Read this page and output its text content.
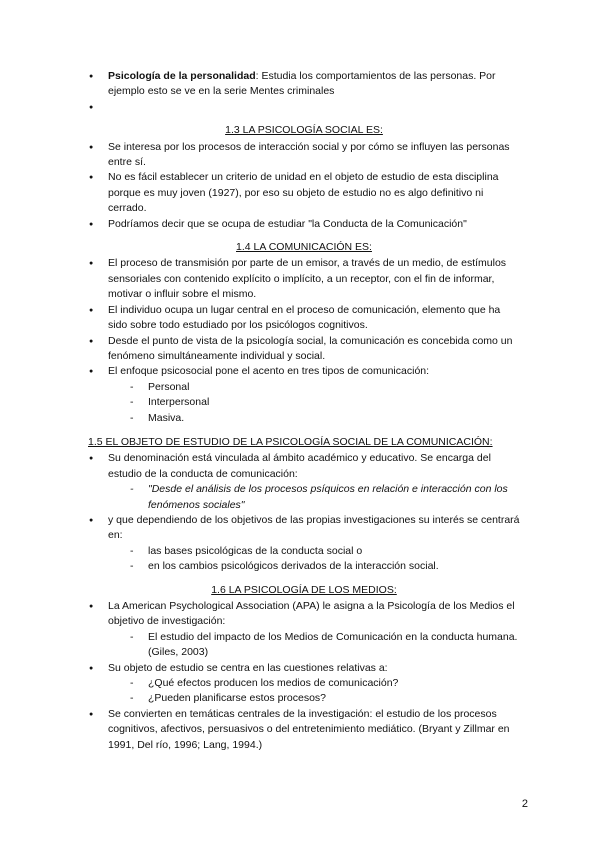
● Psicología de la personalidad: Estudia los comportamientos de las personas. Por ejemplo esto se ve en la serie Mentes criminales
●
1.3 LA PSICOLOGÍA SOCIAL ES:
● Se interesa por los procesos de interacción social y por cómo se influyen las personas entre sí.
● No es fácil establecer un criterio de unidad en el objeto de estudio de esta disciplina porque es muy joven (1927), por eso su objeto de estudio no es algo definitivo ni cerrado.
● Podríamos decir que se ocupa de estudiar "la Conducta de la Comunicación"
1.4 LA COMUNICACIÓN ES:
● El proceso de transmisión por parte de un emisor, a través de un medio, de estímulos sensoriales con contenido explícito o implícito, a un receptor, con el fin de informar, motivar o influir sobre el mismo.
● El individuo ocupa un lugar central en el proceso de comunicación, elemento que ha sido sobre todo estudiado por los psicólogos cognitivos.
● Desde el punto de vista de la psicología social, la comunicación es concebida como un fenómeno simultáneamente individual y social.
● El enfoque psicosocial pone el acento en tres tipos de comunicación:
- Personal
- Interpersonal
- Masiva.
1.5 EL OBJETO DE ESTUDIO DE LA PSICOLOGÍA SOCIAL DE LA COMUNICACIÓN:
● Su denominación está vinculada al ámbito académico y educativo. Se encarga del estudio de la conducta de comunicación:
- "Desde el análisis de los procesos psíquicos en relación e interacción con los fenómenos sociales"
● y que dependiendo de los objetivos de las propias investigaciones su interés se centrará en:
- las bases psicológicas de la conducta social o
- en los cambios psicológicos derivados de la interacción social.
1.6 LA PSICOLOGÍA DE LOS MEDIOS:
● La American Psychological Association (APA) le asigna a la Psicología de los Medios el objetivo de investigación:
- El estudio del impacto de los Medios de Comunicación en la conducta humana. (Giles, 2003)
● Su objeto de estudio se centra en las cuestiones relativas a:
- ¿Qué efectos producen los medios de comunicación?
- ¿Pueden planificarse estos procesos?
● Se convierten en temáticas centrales de la investigación: el estudio de los procesos cognitivos, afectivos, persuasivos o del entretenimiento mediático. (Bryant y Zillmar en 1991, Del río, 1996; Lang, 1994.)
2
